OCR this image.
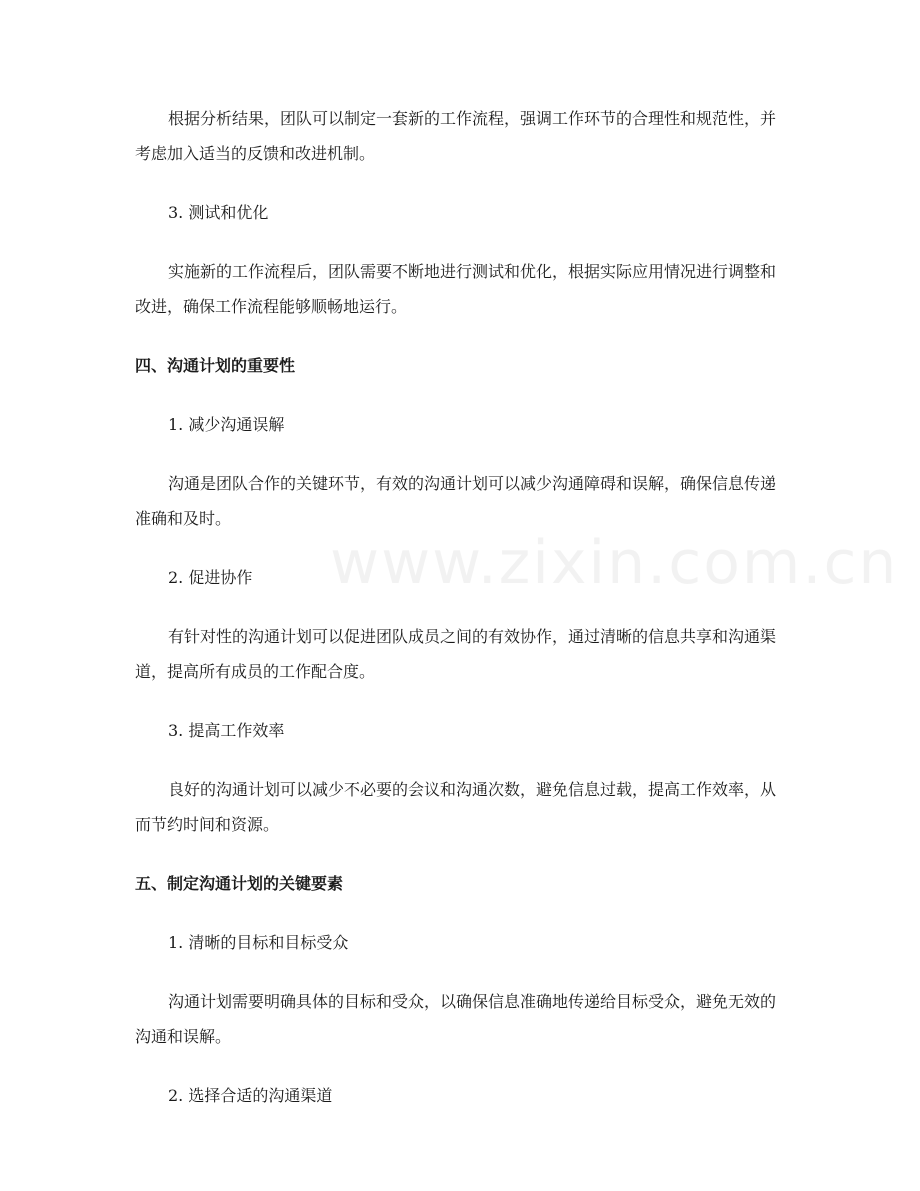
www.zixin.com.cn

根据分析结果，团队可以制定一套新的工作流程，强调工作环节的合理性和规范性，并考虑加入适当的反馈和改进机制。

3. 测试和优化

实施新的工作流程后，团队需要不断地进行测试和优化，根据实际应用情况进行调整和改进，确保工作流程能够顺畅地运行。

四、沟通计划的重要性

1. 减少沟通误解

沟通是团队合作的关键环节，有效的沟通计划可以减少沟通障碍和误解，确保信息传递准确和及时。

2. 促进协作

有针对性的沟通计划可以促进团队成员之间的有效协作，通过清晰的信息共享和沟通渠道，提高所有成员的工作配合度。

3. 提高工作效率

良好的沟通计划可以减少不必要的会议和沟通次数，避免信息过载，提高工作效率，从而节约时间和资源。

五、制定沟通计划的关键要素

1. 清晰的目标和目标受众

沟通计划需要明确具体的目标和受众，以确保信息准确地传递给目标受众，避免无效的沟通和误解。

2. 选择合适的沟通渠道
